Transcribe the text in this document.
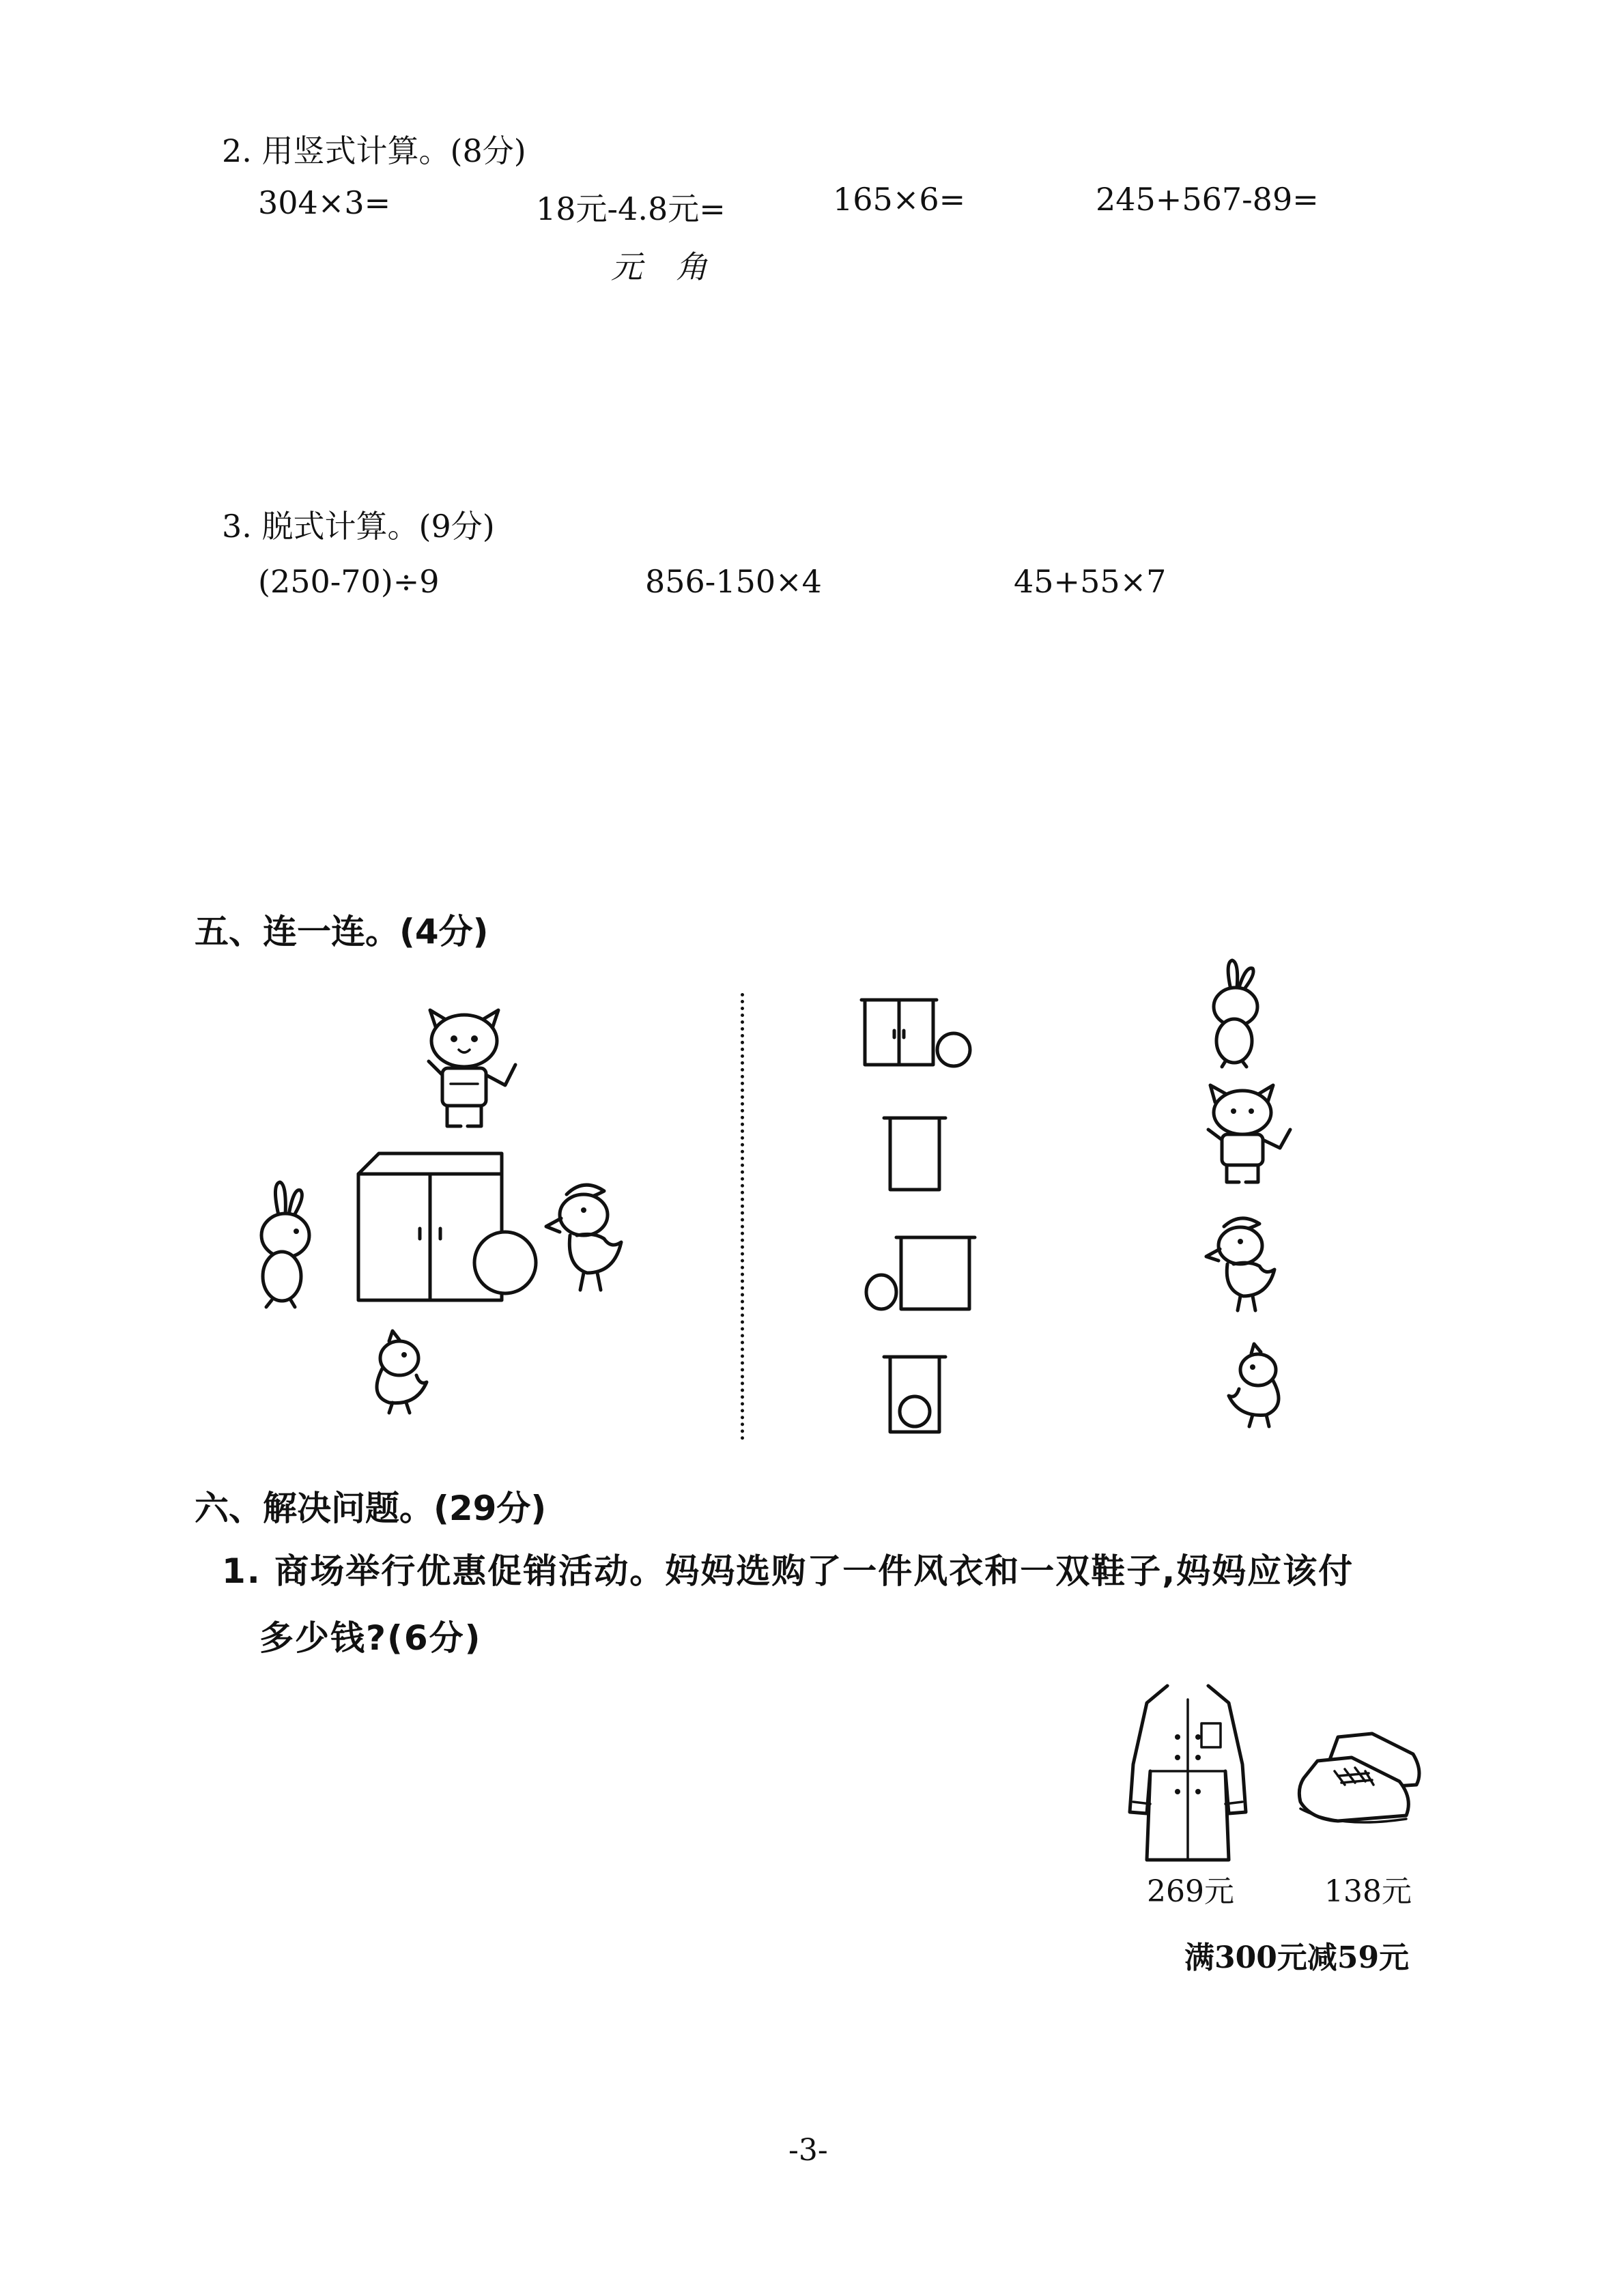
2. 用竖式计算。(8分)
304×3=	18元-4.8元=	165×6=	245+567-89=
元 角
3. 脱式计算。(9分)
(250-70)÷9	856-150×4	45+55×7
五、连一连。(4分)
六、解决问题。(29分)
1. 商场举行优惠促销活动。妈妈选购了一件风衣和一双鞋子,妈妈应该付
多少钱?(6分)
269元	138元
满300元减59元
-3-
